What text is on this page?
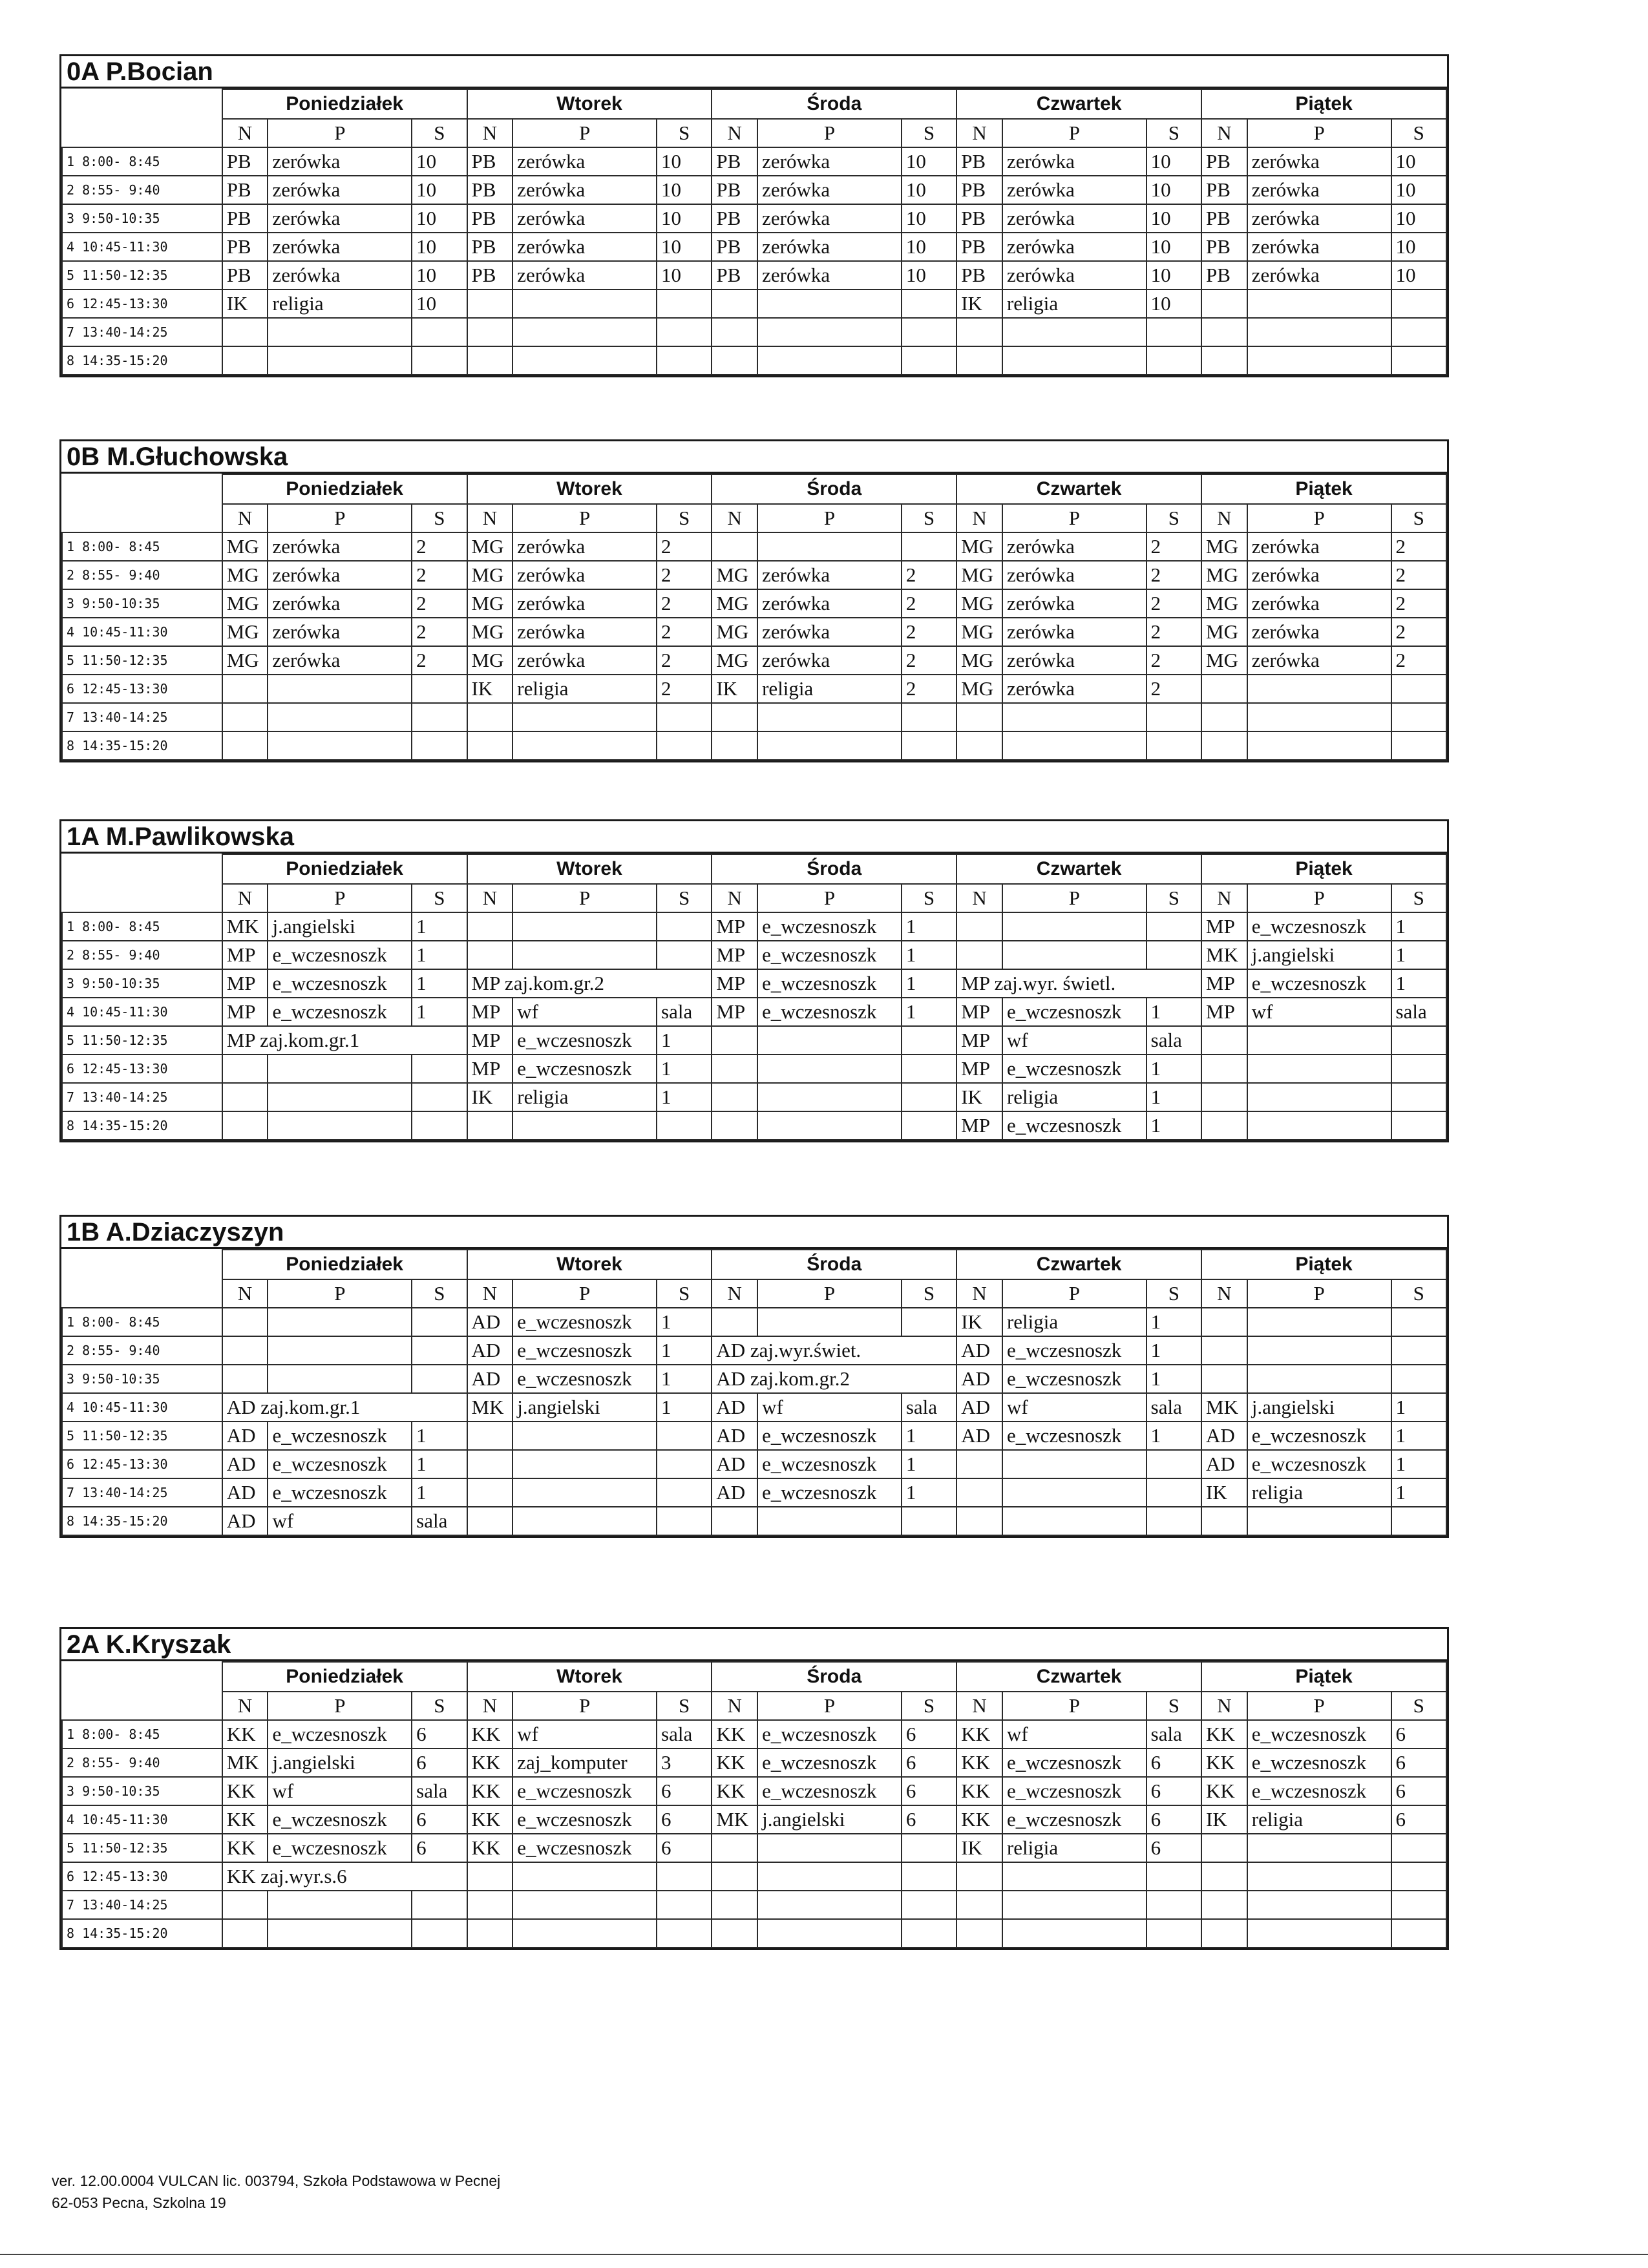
0A P.Bocian
	Poniedziałek			Wtorek			Środa			Czwartek			Piątek		
	N	P	S	N	P	S	N	P	S	N	P	S	N	P	S
1 8:00- 8:45	PB	zerówka	10	PB	zerówka	10	PB	zerówka	10	PB	zerówka	10	PB	zerówka	10
2 8:55- 9:40	PB	zerówka	10	PB	zerówka	10	PB	zerówka	10	PB	zerówka	10	PB	zerówka	10
3 9:50-10:35	PB	zerówka	10	PB	zerówka	10	PB	zerówka	10	PB	zerówka	10	PB	zerówka	10
4 10:45-11:30	PB	zerówka	10	PB	zerówka	10	PB	zerówka	10	PB	zerówka	10	PB	zerówka	10
5 11:50-12:35	PB	zerówka	10	PB	zerówka	10	PB	zerówka	10	PB	zerówka	10	PB	zerówka	10
6 12:45-13:30	IK	religia	10							IK	religia	10			
7 13:40-14:25															
8 14:35-15:20															
0B M.Głuchowska
	Poniedziałek			Wtorek			Środa			Czwartek			Piątek		
	N	P	S	N	P	S	N	P	S	N	P	S	N	P	S
1 8:00- 8:45	MG	zerówka	2	MG	zerówka	2				MG	zerówka	2	MG	zerówka	2
2 8:55- 9:40	MG	zerówka	2	MG	zerówka	2	MG	zerówka	2	MG	zerówka	2	MG	zerówka	2
3 9:50-10:35	MG	zerówka	2	MG	zerówka	2	MG	zerówka	2	MG	zerówka	2	MG	zerówka	2
4 10:45-11:30	MG	zerówka	2	MG	zerówka	2	MG	zerówka	2	MG	zerówka	2	MG	zerówka	2
5 11:50-12:35	MG	zerówka	2	MG	zerówka	2	MG	zerówka	2	MG	zerówka	2	MG	zerówka	2
6 12:45-13:30				IK	religia	2	IK	religia	2	MG	zerówka	2			
7 13:40-14:25															
8 14:35-15:20															
1A M.Pawlikowska
	Poniedziałek			Wtorek			Środa			Czwartek			Piątek		
	N	P	S	N	P	S	N	P	S	N	P	S	N	P	S
1 8:00- 8:45	MK	j.angielski	1				MP	e_wczesnoszk	1				MP	e_wczesnoszk	1
2 8:55- 9:40	MP	e_wczesnoszk	1				MP	e_wczesnoszk	1				MK	j.angielski	1
3 9:50-10:35	MP	e_wczesnoszk	1	MP zaj.kom.gr.2			MP	e_wczesnoszk	1	MP zaj.wyr. świetl.			MP	e_wczesnoszk	1
4 10:45-11:30	MP	e_wczesnoszk	1	MP	wf	sala	MP	e_wczesnoszk	1	MP	e_wczesnoszk	1	MP	wf	sala
5 11:50-12:35	MP zaj.kom.gr.1			MP	e_wczesnoszk	1				MP	wf	sala			
6 12:45-13:30				MP	e_wczesnoszk	1				MP	e_wczesnoszk	1			
7 13:40-14:25				IK	religia	1				IK	religia	1			
8 14:35-15:20										MP	e_wczesnoszk	1			
1B A.Dziaczyszyn
	Poniedziałek			Wtorek			Środa			Czwartek			Piątek		
	N	P	S	N	P	S	N	P	S	N	P	S	N	P	S
1 8:00- 8:45				AD	e_wczesnoszk	1				IK	religia	1			
2 8:55- 9:40				AD	e_wczesnoszk	1	AD zaj.wyr.świet.			AD	e_wczesnoszk	1			
3 9:50-10:35				AD	e_wczesnoszk	1	AD zaj.kom.gr.2			AD	e_wczesnoszk	1			
4 10:45-11:30	AD zaj.kom.gr.1			MK	j.angielski	1	AD	wf	sala	AD	wf	sala	MK	j.angielski	1
5 11:50-12:35	AD	e_wczesnoszk	1				AD	e_wczesnoszk	1	AD	e_wczesnoszk	1	AD	e_wczesnoszk	1
6 12:45-13:30	AD	e_wczesnoszk	1				AD	e_wczesnoszk	1				AD	e_wczesnoszk	1
7 13:40-14:25	AD	e_wczesnoszk	1				AD	e_wczesnoszk	1				IK	religia	1
8 14:35-15:20	AD	wf	sala												
2A K.Kryszak
	Poniedziałek			Wtorek			Środa			Czwartek			Piątek		
	N	P	S	N	P	S	N	P	S	N	P	S	N	P	S
1 8:00- 8:45	KK	e_wczesnoszk	6	KK	wf	sala	KK	e_wczesnoszk	6	KK	wf	sala	KK	e_wczesnoszk	6
2 8:55- 9:40	MK	j.angielski	6	KK	zaj_komputer	3	KK	e_wczesnoszk	6	KK	e_wczesnoszk	6	KK	e_wczesnoszk	6
3 9:50-10:35	KK	wf	sala	KK	e_wczesnoszk	6	KK	e_wczesnoszk	6	KK	e_wczesnoszk	6	KK	e_wczesnoszk	6
4 10:45-11:30	KK	e_wczesnoszk	6	KK	e_wczesnoszk	6	MK	j.angielski	6	KK	e_wczesnoszk	6	IK	religia	6
5 11:50-12:35	KK	e_wczesnoszk	6	KK	e_wczesnoszk	6				IK	religia	6			
6 12:45-13:30	KK zaj.wyr.s.6														
7 13:40-14:25															
8 14:35-15:20															
ver. 12.00.0004 VULCAN lic. 003794, Szkoła Podstawowa w Pecnej
62-053 Pecna, Szkolna 19
